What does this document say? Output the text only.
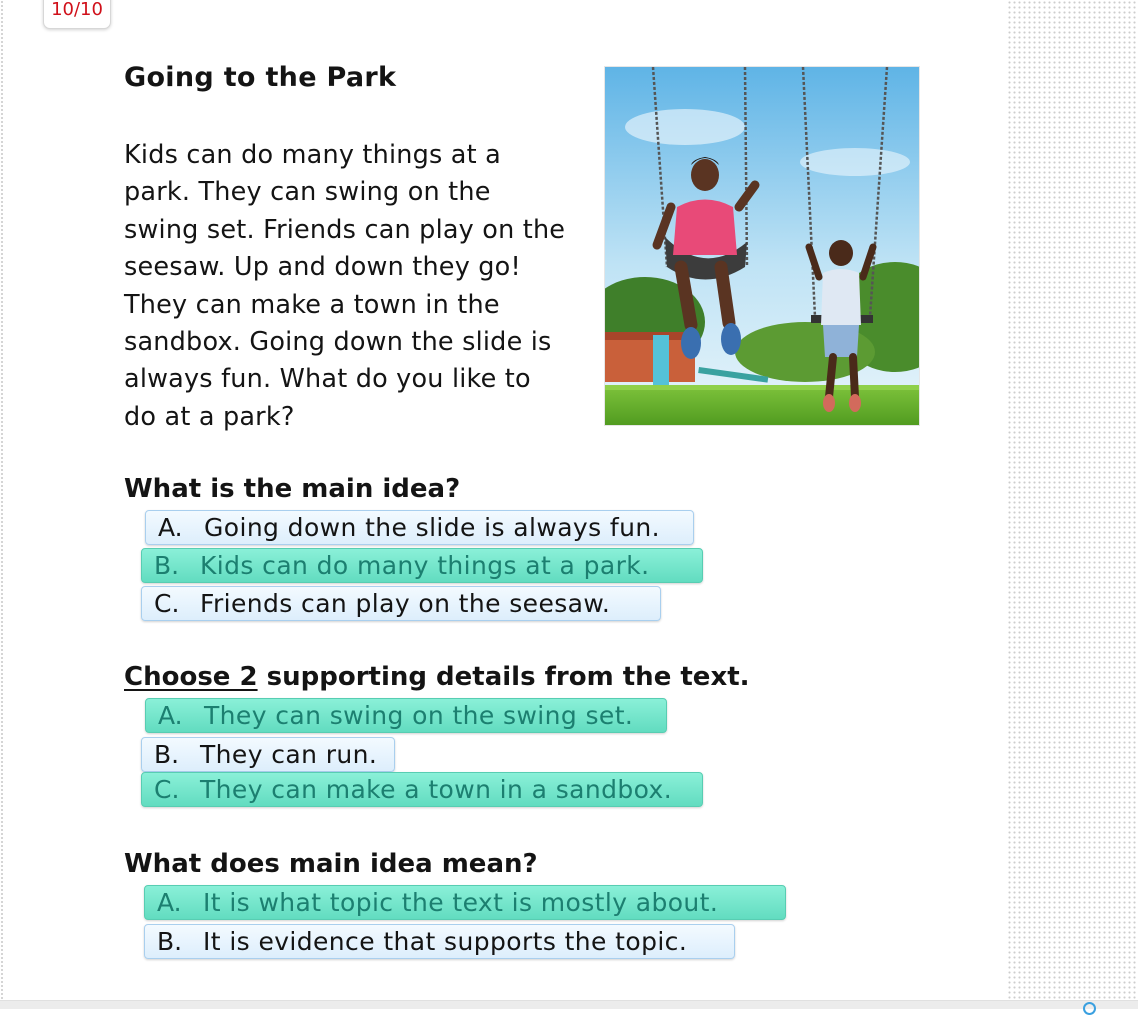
10/10
Going to the Park
Kids can do many things at a
park. They can swing on the
swing set. Friends can play on the
seesaw. Up and down they go!
They can make a town in the
sandbox. Going down the slide is
always fun. What do you like to
do at a park?
What is the main idea?
A. Going down the slide is always fun.
B. Kids can do many things at a park.
C. Friends can play on the seesaw.
Choose 2 supporting details from the text.
A. They can swing on the swing set.
B. They can run.
C. They can make a town in a sandbox.
What does main idea mean?
A. It is what topic the text is mostly about.
B. It is evidence that supports the topic.
